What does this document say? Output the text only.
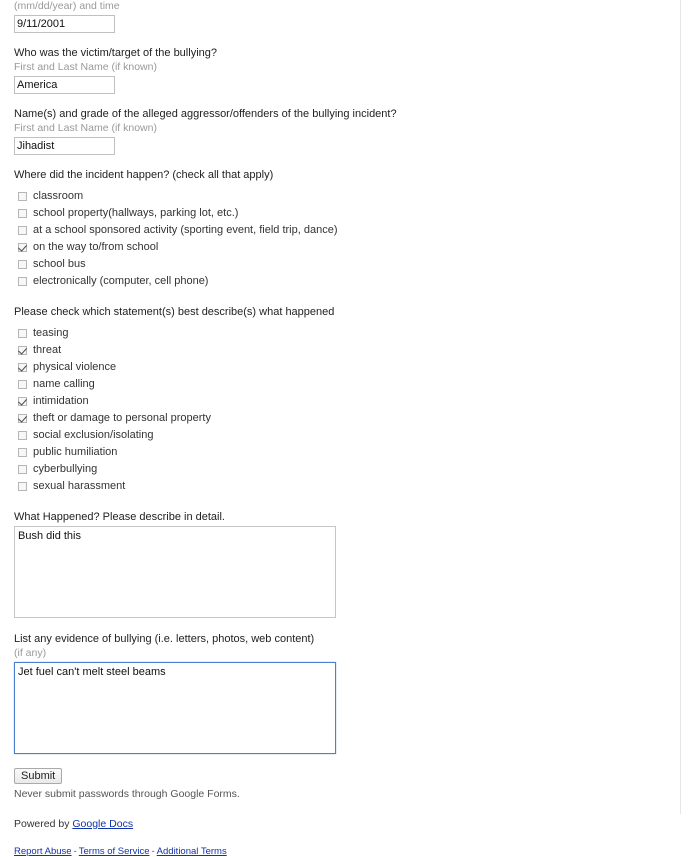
(mm/dd/year) and time
9/11/2001
Who was the victim/target of the bullying?
First and Last Name (if known)
America
Name(s) and grade of the alleged aggressor/offenders of the bullying incident?
First and Last Name (if known)
Jihadist
Where did the incident happen? (check all that apply)
classroom
school property(hallways, parking lot, etc.)
at a school sponsored activity (sporting event, field trip, dance)
on the way to/from school
school bus
electronically (computer, cell phone)
Please check which statement(s) best describe(s) what happened
teasing
threat
physical violence
name calling
intimidation
theft or damage to personal property
social exclusion/isolating
public humiliation
cyberbullying
sexual harassment
What Happened? Please describe in detail.
Bush did this
List any evidence of bullying (i.e. letters, photos, web content)
(if any)
Jet fuel can't melt steel beams
Submit
Never submit passwords through Google Forms.
Powered by Google Docs
Report Abuse - Terms of Service - Additional Terms
